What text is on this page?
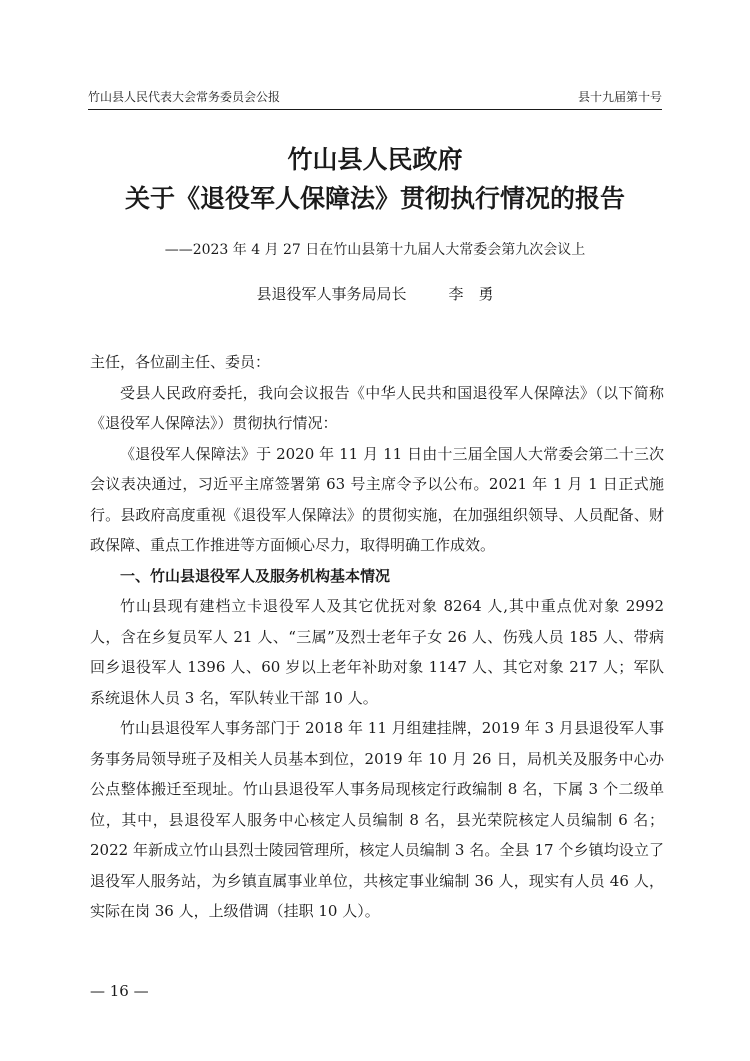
竹山县人民代表大会常务委员会公报	县十九届第十号
竹山县人民政府
关于《退役军人保障法》贯彻执行情况的报告
——2023 年 4 月 27 日在竹山县第十九届人大常委会第九次会议上
县退役军人事务局局长	李　勇

主任，各位副主任、委员：

受县人民政府委托，我向会议报告《中华人民共和国退役军人保障法》（以下简称《退役军人保障法》）贯彻执行情况：

《退役军人保障法》于 2020 年 11 月 11 日由十三届全国人大常委会第二十三次会议表决通过，习近平主席签署第 63 号主席令予以公布。2021 年 1 月 1 日正式施行。县政府高度重视《退役军人保障法》的贯彻实施，在加强组织领导、人员配备、财政保障、重点工作推进等方面倾心尽力，取得明确工作成效。

一、竹山县退役军人及服务机构基本情况

竹山县现有建档立卡退役军人及其它优抚对象 8264 人,其中重点优对象 2992 人，含在乡复员军人 21 人、“三属”及烈士老年子女 26 人、伤残人员 185 人、带病回乡退役军人 1396 人、60 岁以上老年补助对象 1147 人、其它对象 217 人；军队系统退休人员 3 名，军队转业干部 10 人。

竹山县退役军人事务部门于 2018 年 11 月组建挂牌，2019 年 3 月县退役军人事务事务局领导班子及相关人员基本到位，2019 年 10 月 26 日，局机关及服务中心办公点整体搬迁至现址。竹山县退役军人事务局现核定行政编制 8 名，下属 3 个二级单位，其中，县退役军人服务中心核定人员编制 8 名，县光荣院核定人员编制 6 名；2022 年新成立竹山县烈士陵园管理所，核定人员编制 3 名。全县 17 个乡镇均设立了退役军人服务站，为乡镇直属事业单位，共核定事业编制 36 人，现实有人员 46 人，实际在岗 36 人，上级借调（挂职 10 人）。

— 16 —
